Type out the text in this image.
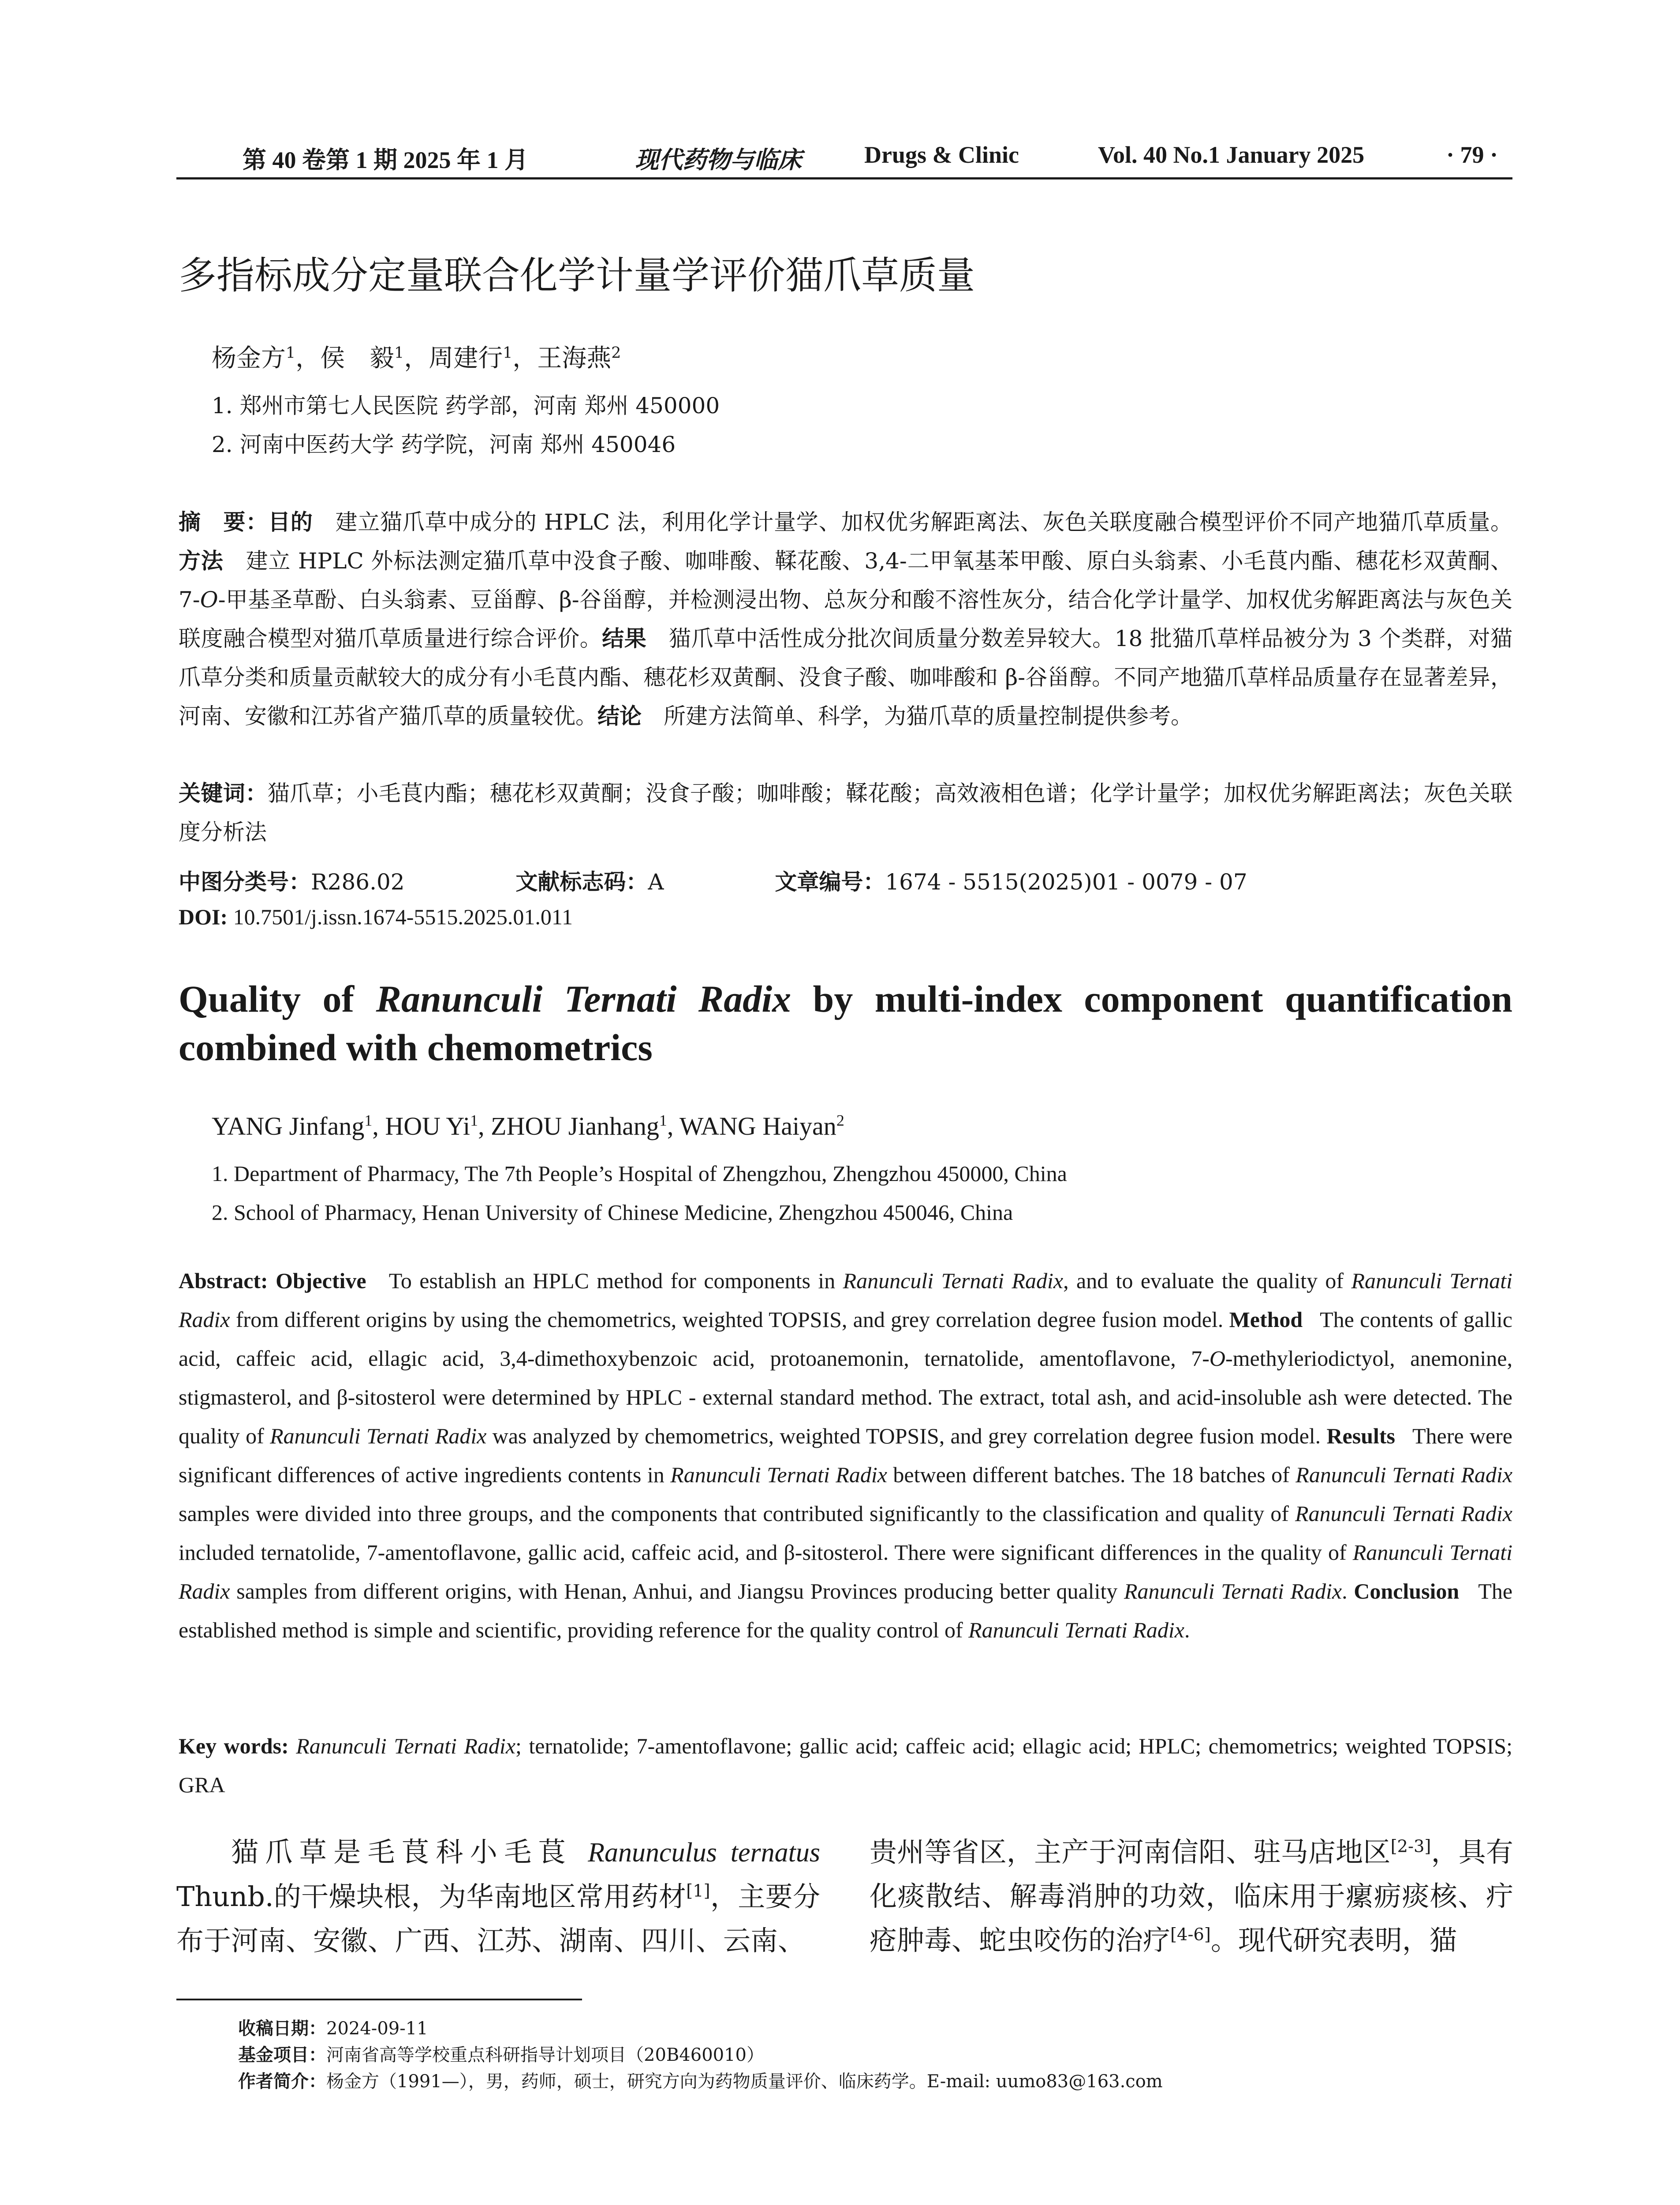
第 40 卷第 1 期 2025 年 1 月	现代药物与临床	Drugs & Clinic	Vol. 40 No.1 January 2025	· 79 ·
多指标成分定量联合化学计量学评价猫爪草质量
杨金方$^1$，侯　毅$^1$，周建行$^1$，王海燕$^2$
1. 郑州市第七人民医院 药学部，河南 郑州 450000
2. 河南中医药大学 药学院，河南 郑州 450046
摘　要：目的　 建立猫爪草中成分的 HPLC 法，利用化学计量学、加权优劣解距离法、灰色关联度融合模型评价不同产地猫爪草质量。方法　 建立 HPLC 外标法测定猫爪草中没食子酸、咖啡酸、鞣花酸、3,4-二甲氧基苯甲酸、原白头翁素、小毛茛内酯、穗花杉双黄酮、7-O-甲基圣草酚、白头翁素、豆甾醇、β-谷甾醇，并检测浸出物、总灰分和酸不溶性灰分，结合化学计量学、加权优劣解距离法与灰色关联度融合模型对猫爪草质量进行综合评价。结果　 猫爪草中活性成分批次间质量分数差异较大。18 批猫爪草样品被分为 3 个类群，对猫爪草分类和质量贡献较大的成分有小毛茛内酯、穗花杉双黄酮、没食子酸、咖啡酸和 β-谷甾醇。不同产地猫爪草样品质量存在显著差异，河南、安徽和江苏省产猫爪草的质量较优。结论　 所建方法简单、科学，为猫爪草的质量控制提供参考。
关键词：猫爪草；小毛茛内酯；穗花杉双黄酮；没食子酸；咖啡酸；鞣花酸；高效液相色谱；化学计量学；加权优劣解距离法；灰色关联度分析法
中图分类号：R286.02	文献标志码：A	文章编号：1674 - 5515(2025)01 - 0079 - 07
DOI: 10.7501/j.issn.1674-5515.2025.01.011
Quality of Ranunculi Ternati Radix by multi-index component quantification combined with chemometrics
YANG Jinfang$^1$, HOU Yi$^1$, ZHOU Jianhang$^1$, WANG Haiyan$^2$
1. Department of Pharmacy, The 7th People’s Hospital of Zhengzhou, Zhengzhou 450000, China
2. School of Pharmacy, Henan University of Chinese Medicine, Zhengzhou 450046, China
Abstract: Objective To establish an HPLC method for components in Ranunculi Ternati Radix, and to evaluate the quality of Ranunculi Ternati Radix from different origins by using the chemometrics, weighted TOPSIS, and grey correlation degree fusion model. Method The contents of gallic acid, caffeic acid, ellagic acid, 3,4-dimethoxybenzoic acid, protoanemonin, ternatolide, amentoflavone, 7-O-methyleriodictyol, anemonine, stigmasterol, and β-sitosterol were determined by HPLC - external standard method. The extract, total ash, and acid-insoluble ash were detected. The quality of Ranunculi Ternati Radix was analyzed by chemometrics, weighted TOPSIS, and grey correlation degree fusion model. Results There were significant differences of active ingredients contents in Ranunculi Ternati Radix between different batches. The 18 batches of Ranunculi Ternati Radix samples were divided into three groups, and the components that contributed significantly to the classification and quality of Ranunculi Ternati Radix included ternatolide, 7-amentoflavone, gallic acid, caffeic acid, and β-sitosterol. There were significant differences in the quality of Ranunculi Ternati Radix samples from different origins, with Henan, Anhui, and Jiangsu Provinces producing better quality Ranunculi Ternati Radix. Conclusion The established method is simple and scientific, providing reference for the quality control of Ranunculi Ternati Radix.
Key words: Ranunculi Ternati Radix; ternatolide; 7-amentoflavone; gallic acid; caffeic acid; ellagic acid; HPLC; chemometrics; weighted TOPSIS; GRA
猫爪草是毛茛科小毛茛 Ranunculus ternatus Thunb.的干燥块根，为华南地区常用药材[1]，主要分布于河南、安徽、广西、江苏、湖南、四川、云南、
贵州等省区，主产于河南信阳、驻马店地区[2-3]，具有化痰散结、解毒消肿的功效，临床用于瘰疬痰核、疔疮肿毒、蛇虫咬伤的治疗[4-6]。现代研究表明，猫
收稿日期：2024-09-11
基金项目：河南省高等学校重点科研指导计划项目（20B460010）
作者简介：杨金方（1991—），男，药师，硕士，研究方向为药物质量评价、临床药学。E-mail: uumo83@163.com
